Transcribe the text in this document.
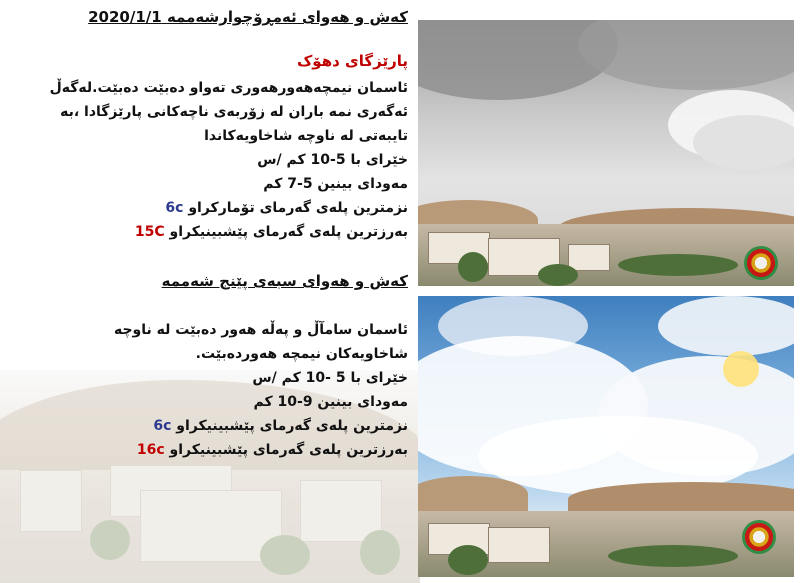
کەش و هەوای ئەمڕۆچوارشەممە 2020/1/1
پارێزگای دهۆک
ئاسمان نیمچەهەورهەوری تەواو دەبێت دەبێت.لەگەڵ
ئەگەری نمە باران لە زۆربەی ناچەکانی پارێزگادا ،بە
تایبەتی لە ناوچە شاخاویەکاندا
خێرای با 5-10 کم /س
مەودای بینین 5-7 کم
نزمترین پلەی گەرمای تۆمارکراو 6c
بەرزترین پلەی گەرمای پێشبینیکراو 15C
کەش و هەوای سبەی پێنج شەممە
ئاسمان سامآڵ و پەڵە هەور دەبێت لە ناوچە
شاخاویەکان نیمچە هەوردەبێت.
خێرای با 5 -10 کم /س
مەودای بینین 9-10 کم
نزمترین پلەی گەرمای پێشبینیکراو 6c
بەرزترین پلەی گەرمای پێشبینیکراو 16c
